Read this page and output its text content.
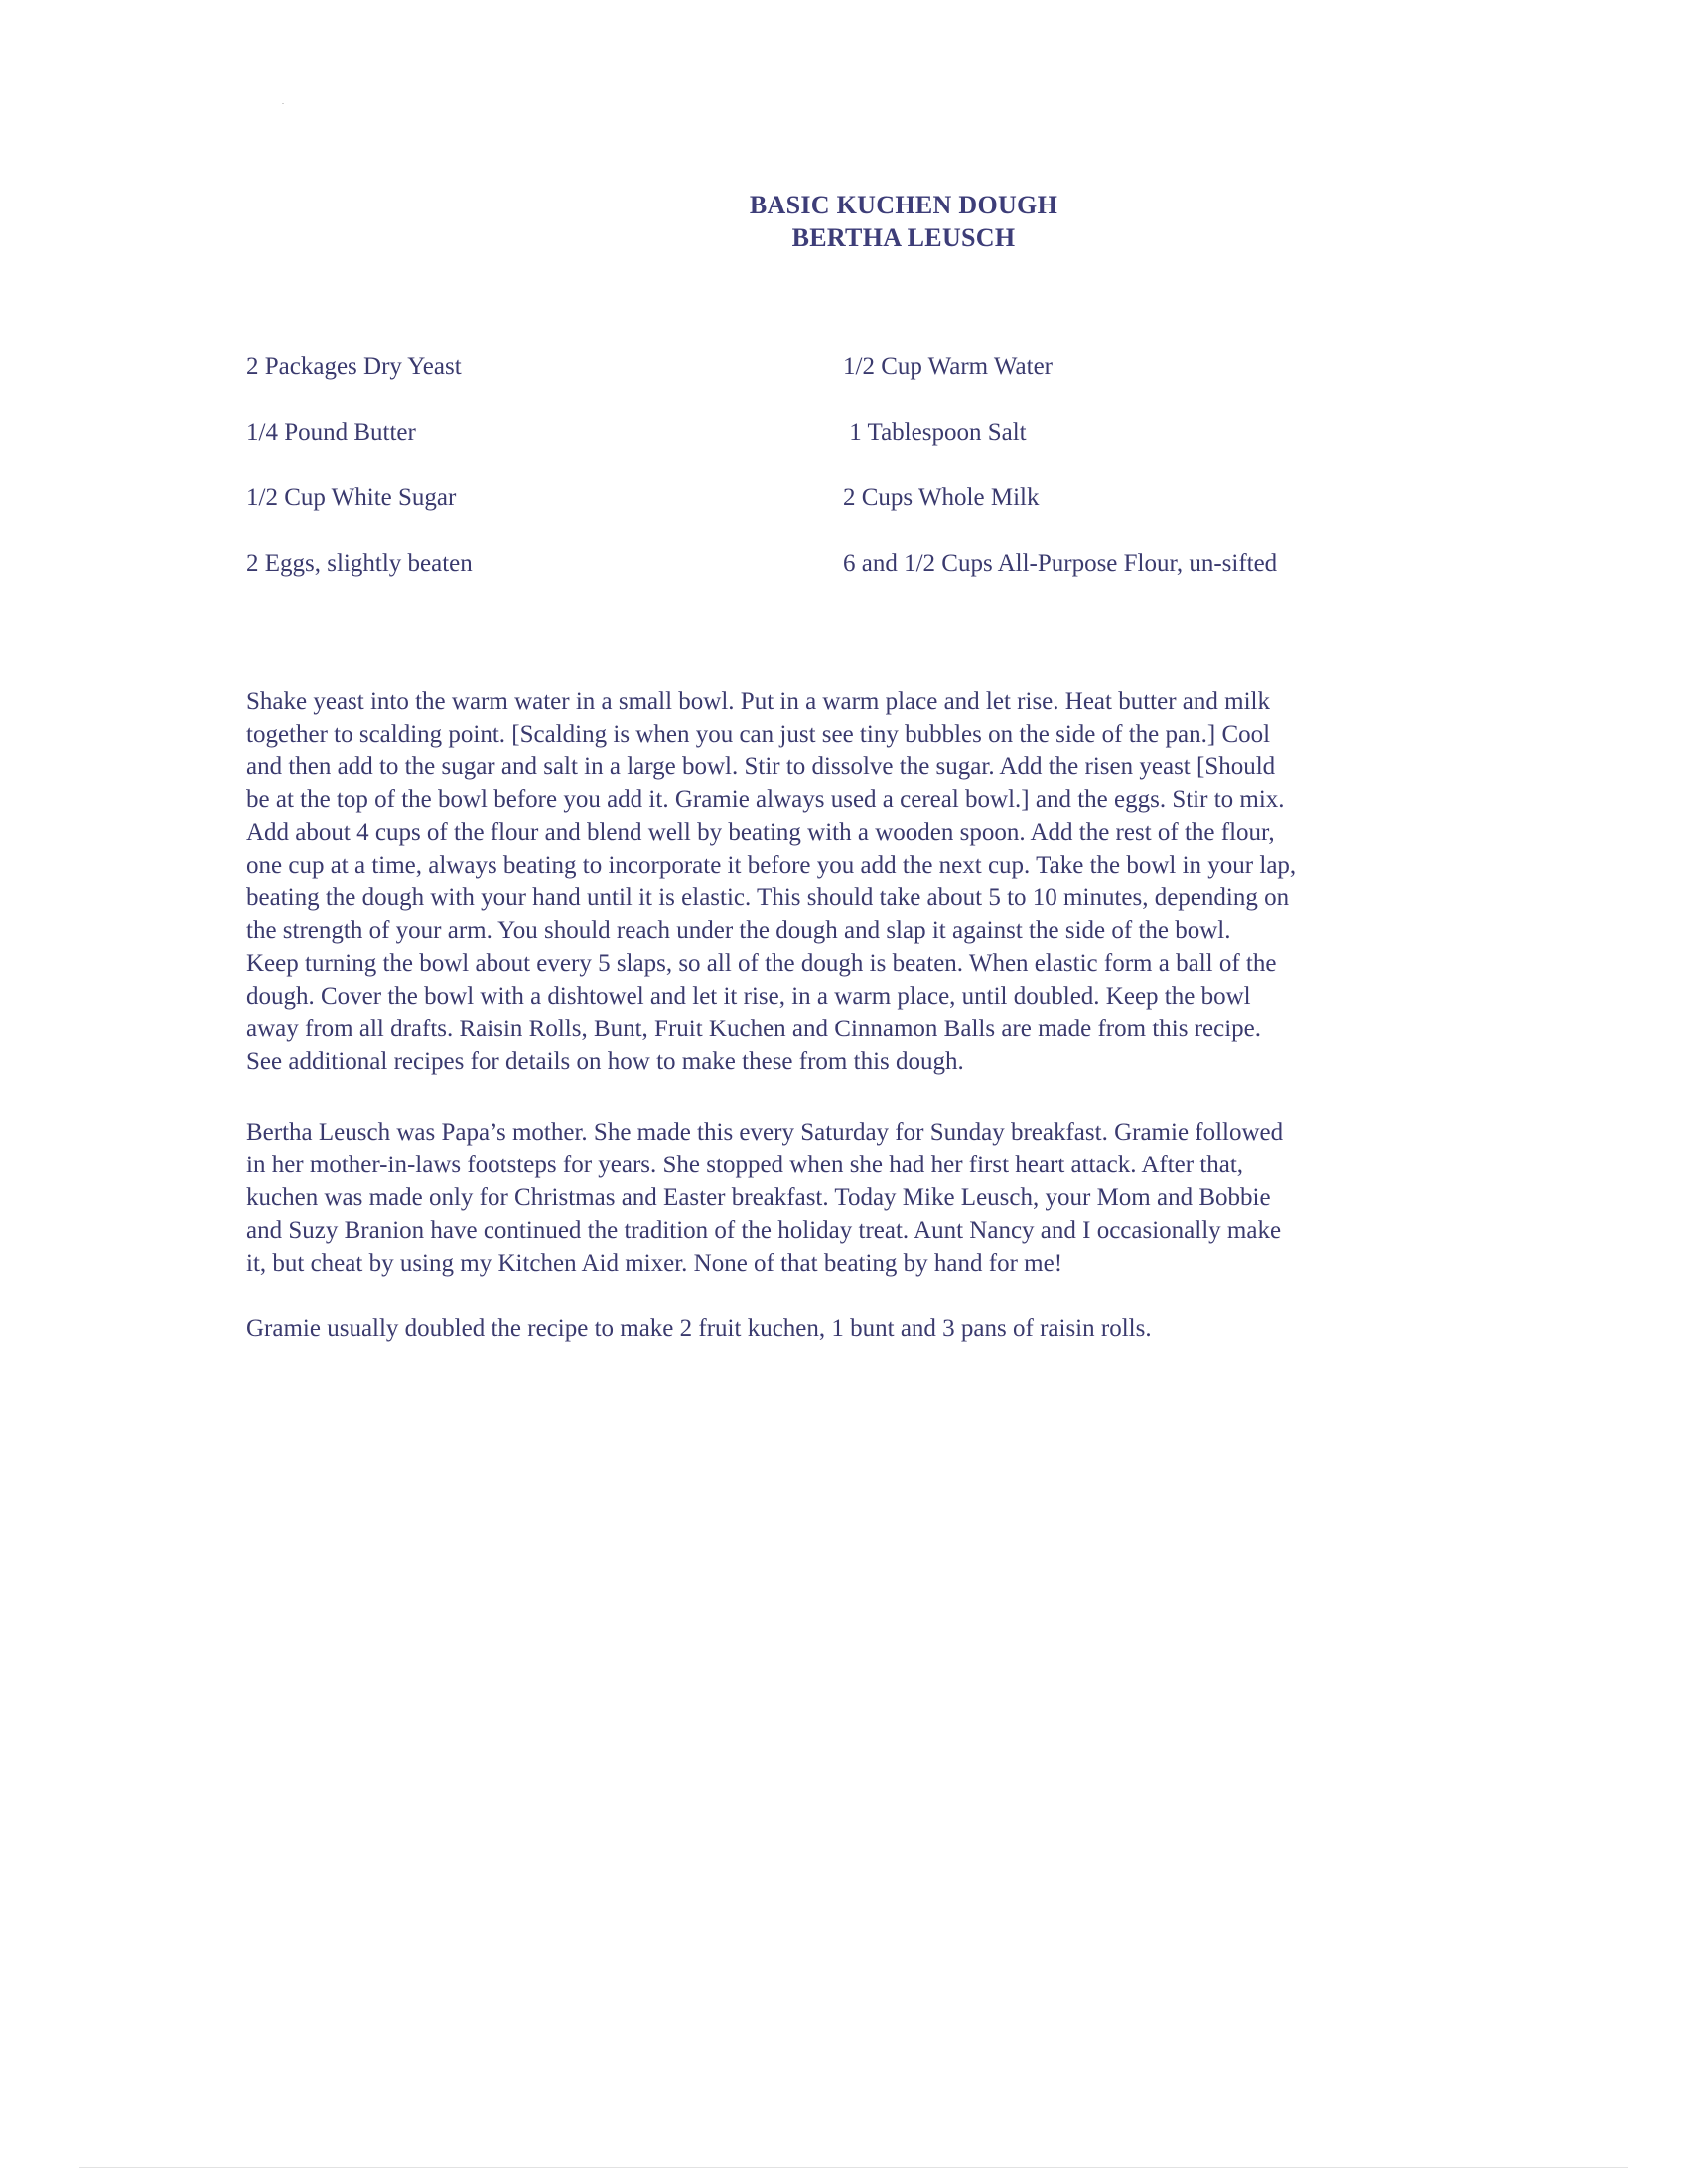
BASIC KUCHEN DOUGH
BERTHA LEUSCH
2 Packages Dry Yeast	1/2 Cup Warm Water
1/4 Pound Butter	1 Tablespoon Salt
1/2 Cup White Sugar	2 Cups Whole Milk
2 Eggs, slightly beaten	6 and 1/2 Cups All-Purpose Flour, un-sifted
Shake yeast into the warm water in a small bowl. Put in a warm place and let rise. Heat butter and milk
together to scalding point. [Scalding is when you can just see tiny bubbles on the side of the pan.] Cool
and then add to the sugar and salt in a large bowl. Stir to dissolve the sugar. Add the risen yeast [Should
be at the top of the bowl before you add it. Gramie always used a cereal bowl.] and the eggs. Stir to mix.
Add about 4 cups of the flour and blend well by beating with a wooden spoon. Add the rest of the flour,
one cup at a time, always beating to incorporate it before you add the next cup. Take the bowl in your lap,
beating the dough with your hand until it is elastic. This should take about 5 to 10 minutes, depending on
the strength of your arm. You should reach under the dough and slap it against the side of the bowl.
Keep turning the bowl about every 5 slaps, so all of the dough is beaten. When elastic form a ball of the
dough. Cover the bowl with a dishtowel and let it rise, in a warm place, until doubled. Keep the bowl
away from all drafts. Raisin Rolls, Bunt, Fruit Kuchen and Cinnamon Balls are made from this recipe.
See additional recipes for details on how to make these from this dough.
Bertha Leusch was Papa’s mother. She made this every Saturday for Sunday breakfast. Gramie followed
in her mother-in-laws footsteps for years. She stopped when she had her first heart attack. After that,
kuchen was made only for Christmas and Easter breakfast. Today Mike Leusch, your Mom and Bobbie
and Suzy Branion have continued the tradition of the holiday treat. Aunt Nancy and I occasionally make
it, but cheat by using my Kitchen Aid mixer. None of that beating by hand for me!
Gramie usually doubled the recipe to make 2 fruit kuchen, 1 bunt and 3 pans of raisin rolls.
